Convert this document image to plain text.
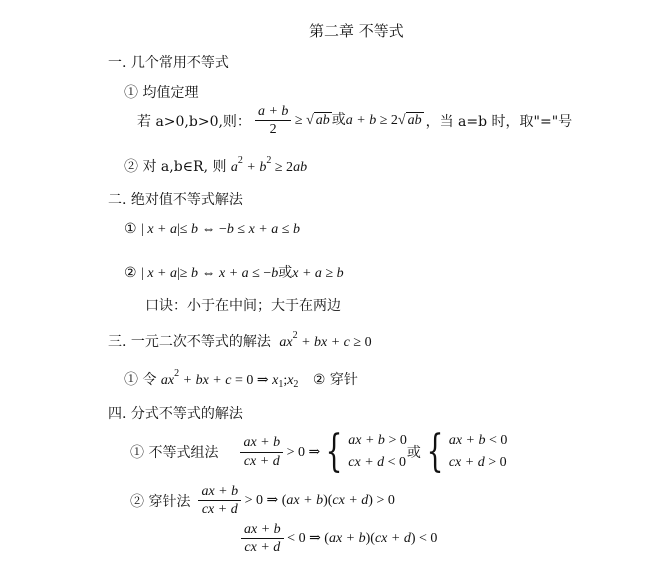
第二章 不等式
一. 几个常用不等式
① 均值定理
若 a>0,b>0,则： $\frac{a + b}{2}$ ≥ √ ab 或a + b ≥ 2√ ab ，当 a=b 时，取"="号
② 对 a,b∈R, 则 $a^2 + b^2 \ge 2ab$
二. 绝对值不等式解法
① | x + a|≤ b ⇔ −b ≤ x + a ≤ b
② | x + a|≥ b ⇔ x + a ≤ −b或x + a ≥ b
口诀：小于在中间；大于在两边
三. 一元二次不等式的解法 $ax^2$ + bx + c ≥ 0
① 令 $ax^2$ + bx + c = 0 ⇒ $x_1;x_2$ ② 穿针
四. 分式不等式的解法
① 不等式组法 $\frac{ax + b}{cx + d} > 0$ ⇒ { ax + b > 0
cx + d < 0
或 { ax + b < 0
cx + d > 0
② 穿针法 $\frac{ax + b}{cx + d} > 0$ ⇒ ( ax + b )( cx + d ) > 0
$\frac{ax + b}{cx + d} < 0$ ⇒ ( ax + b )( cx + d ) < 0
